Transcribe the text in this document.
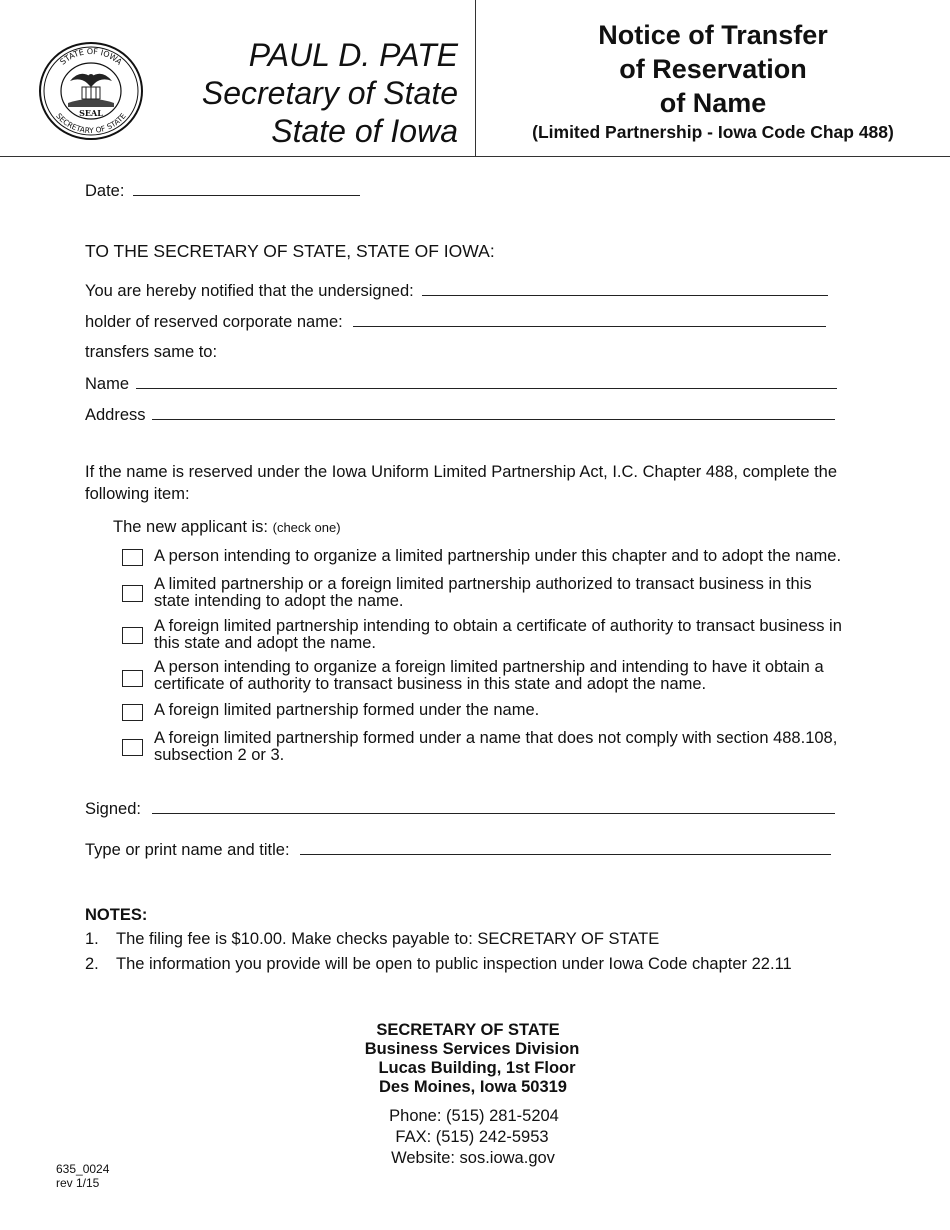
STATE OF IOWA
SECRETARY OF STATE
SEAL
PAUL D. PATE
Secretary of State
State of Iowa
Notice of Transfer
of Reservation
of Name
(Limited Partnership - Iowa Code Chap 488)
Date:
TO THE SECRETARY OF STATE, STATE OF IOWA:
You are hereby notified that the undersigned:
holder of reserved corporate name:
transfers same to:
Name
Address
If the name is reserved under the Iowa Uniform Limited Partnership Act, I.C. Chapter 488, complete the following item:
The new applicant is: (check one)
A person intending to organize a limited partnership under this chapter and to adopt the name.
A limited partnership or a foreign limited partnership authorized to transact business in this
state intending to adopt the name.
A foreign limited partnership intending to obtain a certificate of authority to transact business in
this state and adopt the name.
A person intending to organize a foreign limited partnership and intending to have it obtain a
certificate of authority to transact business in this state and adopt the name.
A foreign limited partnership formed under the name.
A foreign limited partnership formed under a name that does not comply with section 488.108,
subsection 2 or 3.
Signed:
Type or print name and title:
NOTES:
1. The filing fee is $10.00. Make checks payable to: SECRETARY OF STATE
2. The information you provide will be open to public inspection under Iowa Code chapter 22.11
SECRETARY OF STATE
Business Services Division
Lucas Building, 1st Floor
Des Moines, Iowa 50319
Phone: (515) 281-5204
FAX: (515) 242-5953
Website: sos.iowa.gov
635_0024
rev 1/15
